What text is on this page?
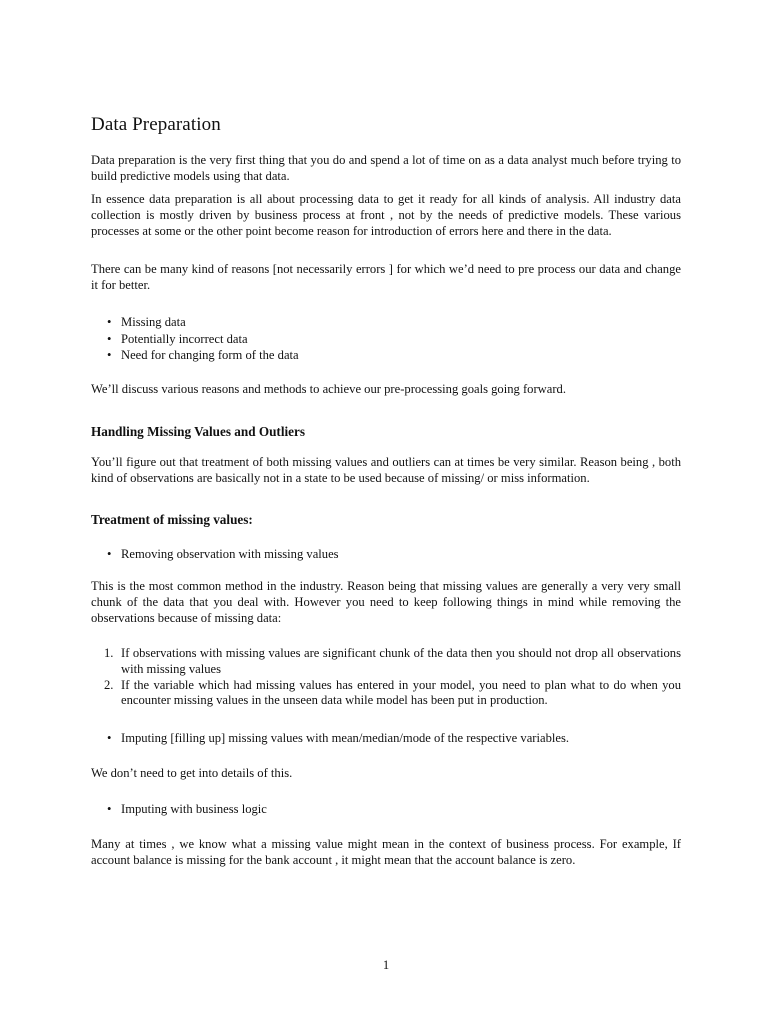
Data Preparation

Data preparation is the very first thing that you do and spend a lot of time on as a data analyst much before trying to build predictive models using that data.

In essence data preparation is all about processing data to get it ready for all kinds of analysis. All industry data collection is mostly driven by business process at front , not by the needs of predictive models. These various processes at some or the other point become reason for introduction of errors here and there in the data.

There can be many kind of reasons [not necessarily errors ] for which we’d need to pre process our data and change it for better.

• Missing data
• Potentially incorrect data
• Need for changing form of the data

We’ll discuss various reasons and methods to achieve our pre-processing goals going forward.

Handling Missing Values and Outliers

You’ll figure out that treatment of both missing values and outliers can at times be very similar. Reason being , both kind of observations are basically not in a state to be used because of missing/ or miss information.

Treatment of missing values:
• Removing observation with missing values

This is the most common method in the industry. Reason being that missing values are generally a very very small chunk of the data that you deal with. However you need to keep following things in mind while removing the observations because of missing data:

1. If observations with missing values are significant chunk of the data then you should not drop all observations with missing values
2. If the variable which had missing values has entered in your model, you need to plan what to do when you encounter missing values in the unseen data while model has been put in production.
• Imputing [filling up] missing values with mean/median/mode of the respective variables.

We don’t need to get into details of this.

• Imputing with business logic

Many at times , we know what a missing value might mean in the context of business process. For example, If account balance is missing for the bank account , it might mean that the account balance is zero.

1
